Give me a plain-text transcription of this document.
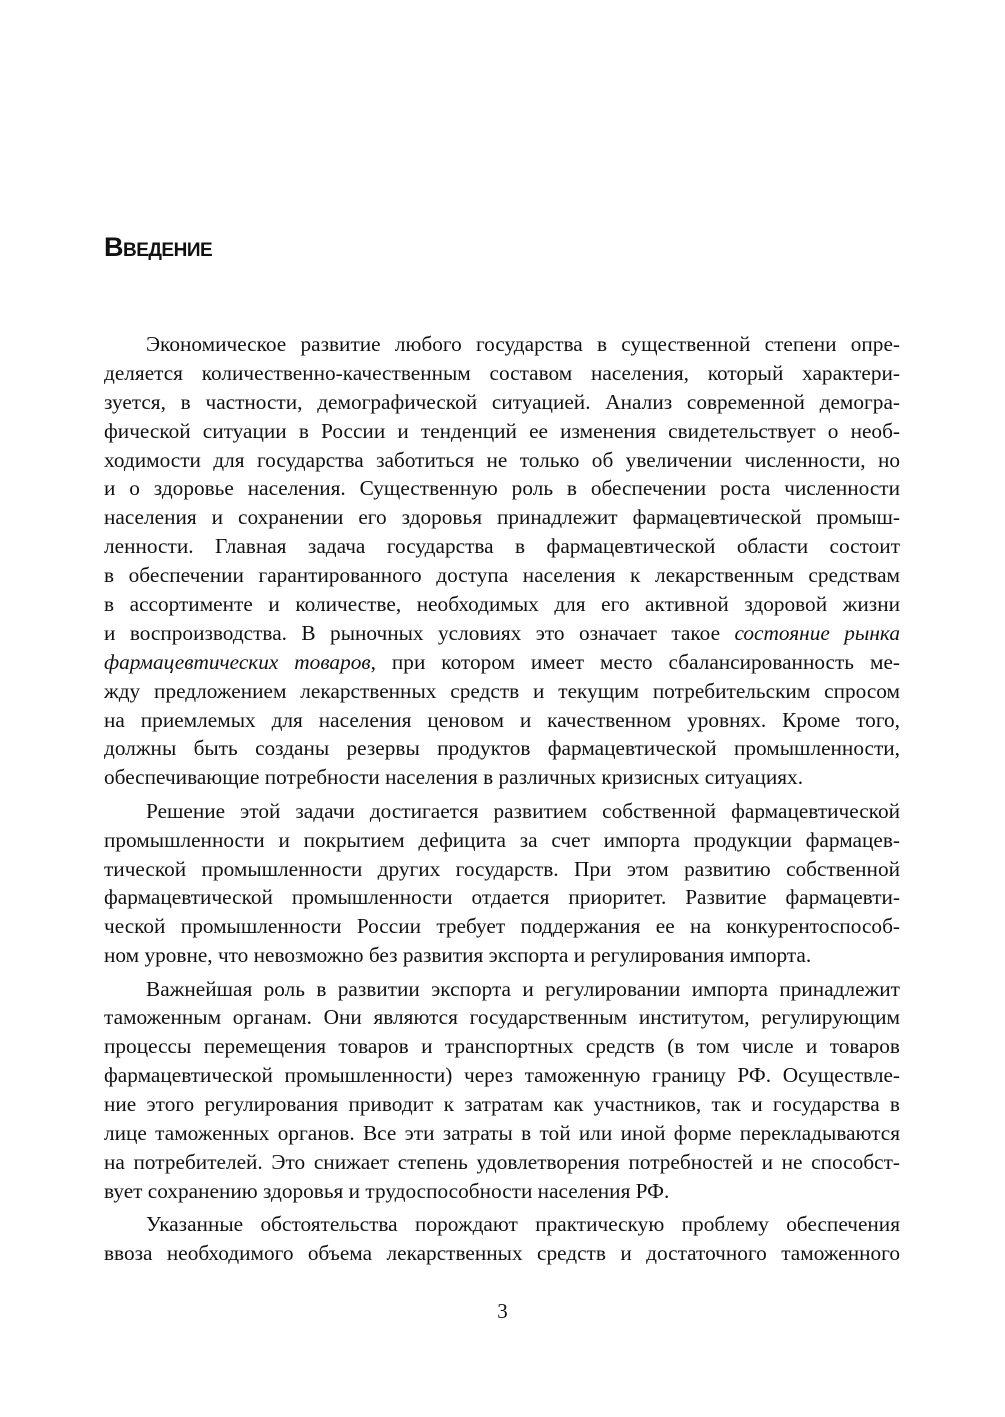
Введение
Экономическое развитие любого государства в существенной степени опре-
деляется количественно-качественным составом населения, который характери-
зуется, в частности, демографической ситуацией. Анализ современной демогра-
фической ситуации в России и тенденций ее изменения свидетельствует о необ-
ходимости для государства заботиться не только об увеличении численности, но
и о здоровье населения. Существенную роль в обеспечении роста численности
населения и сохранении его здоровья принадлежит фармацевтической промыш-
ленности. Главная задача государства в фармацевтической области состоит
в обеспечении гарантированного доступа населения к лекарственным средствам
в ассортименте и количестве, необходимых для его активной здоровой жизни
и воспроизводства. В рыночных условиях это означает такое состояние рынка
фармацевтических товаров, при котором имеет место сбалансированность ме-
жду предложением лекарственных средств и текущим потребительским спросом
на приемлемых для населения ценовом и качественном уровнях. Кроме того,
должны быть созданы резервы продуктов фармацевтической промышленности,
обеспечивающие потребности населения в различных кризисных ситуациях.
Решение этой задачи достигается развитием собственной фармацевтической
промышленности и покрытием дефицита за счет импорта продукции фармацев-
тической промышленности других государств. При этом развитию собственной
фармацевтической промышленности отдается приоритет. Развитие фармацевти-
ческой промышленности России требует поддержания ее на конкурентоспособ-
ном уровне, что невозможно без развития экспорта и регулирования импорта.
Важнейшая роль в развитии экспорта и регулировании импорта принадлежит
таможенным органам. Они являются государственным институтом, регулирующим
процессы перемещения товаров и транспортных средств (в том числе и товаров
фармацевтической промышленности) через таможенную границу РФ. Осуществле-
ние этого регулирования приводит к затратам как участников, так и государства в
лице таможенных органов. Все эти затраты в той или иной форме перекладываются
на потребителей. Это снижает степень удовлетворения потребностей и не способст-
вует сохранению здоровья и трудоспособности населения РФ.
Указанные обстоятельства порождают практическую проблему обеспечения
ввоза необходимого объема лекарственных средств и достаточного таможенного
3
